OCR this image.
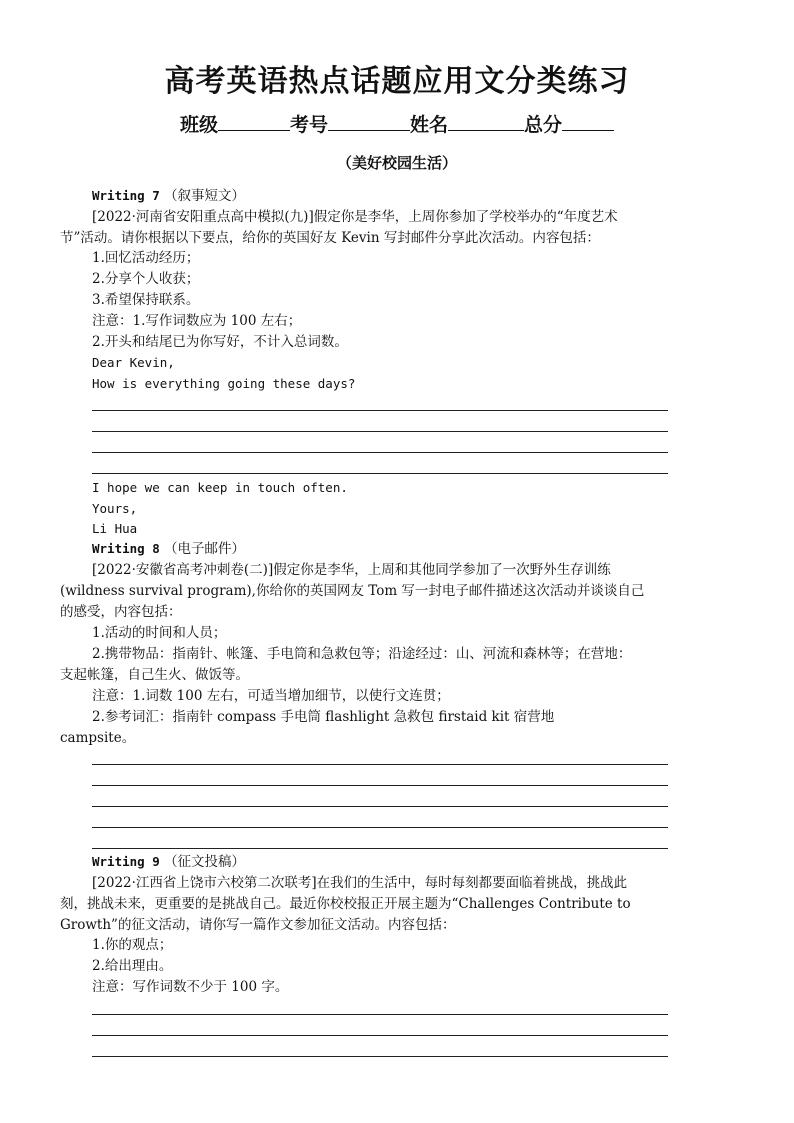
高考英语热点话题应用文分类练习
班级	考号	姓名	总分
（美好校园生活）
Writing 7 （叙事短文）
[2022·河南省安阳重点高中模拟(九)]假定你是李华，上周你参加了学校举办的“年度艺术
节”活动。请你根据以下要点，给你的英国好友 Kevin 写封邮件分享此次活动。内容包括：
1.回忆活动经历；
2.分享个人收获；
3.希望保持联系。
注意：1.写作词数应为 100 左右；
2.开头和结尾已为你写好，不计入总词数。
Dear Kevin,
How is everything going these days?
I hope we can keep in touch often.
Yours,
Li Hua
Writing 8 （电子邮件）
[2022·安徽省高考冲刺卷(二)]假定你是李华，上周和其他同学参加了一次野外生存训练
(wildness survival program),你给你的英国网友 Tom 写一封电子邮件描述这次活动并谈谈自己
的感受，内容包括：
1.活动的时间和人员；
2.携带物品：指南针、帐篷、手电筒和急救包等；沿途经过：山、河流和森林等；在营地：
支起帐篷，自己生火、做饭等。
注意：1.词数 100 左右，可适当增加细节，以使行文连贯；
2.参考词汇：指南针 compass 手电筒 flashlight 急救包 firstaid kit 宿营地
campsite。
Writing 9 （征文投稿）
[2022·江西省上饶市六校第二次联考]在我们的生活中，每时每刻都要面临着挑战，挑战此
刻，挑战未来，更重要的是挑战自己。最近你校校报正开展主题为“Challenges Contribute to
Growth”的征文活动，请你写一篇作文参加征文活动。内容包括：
1.你的观点；
2.给出理由。
注意：写作词数不少于 100 字。
